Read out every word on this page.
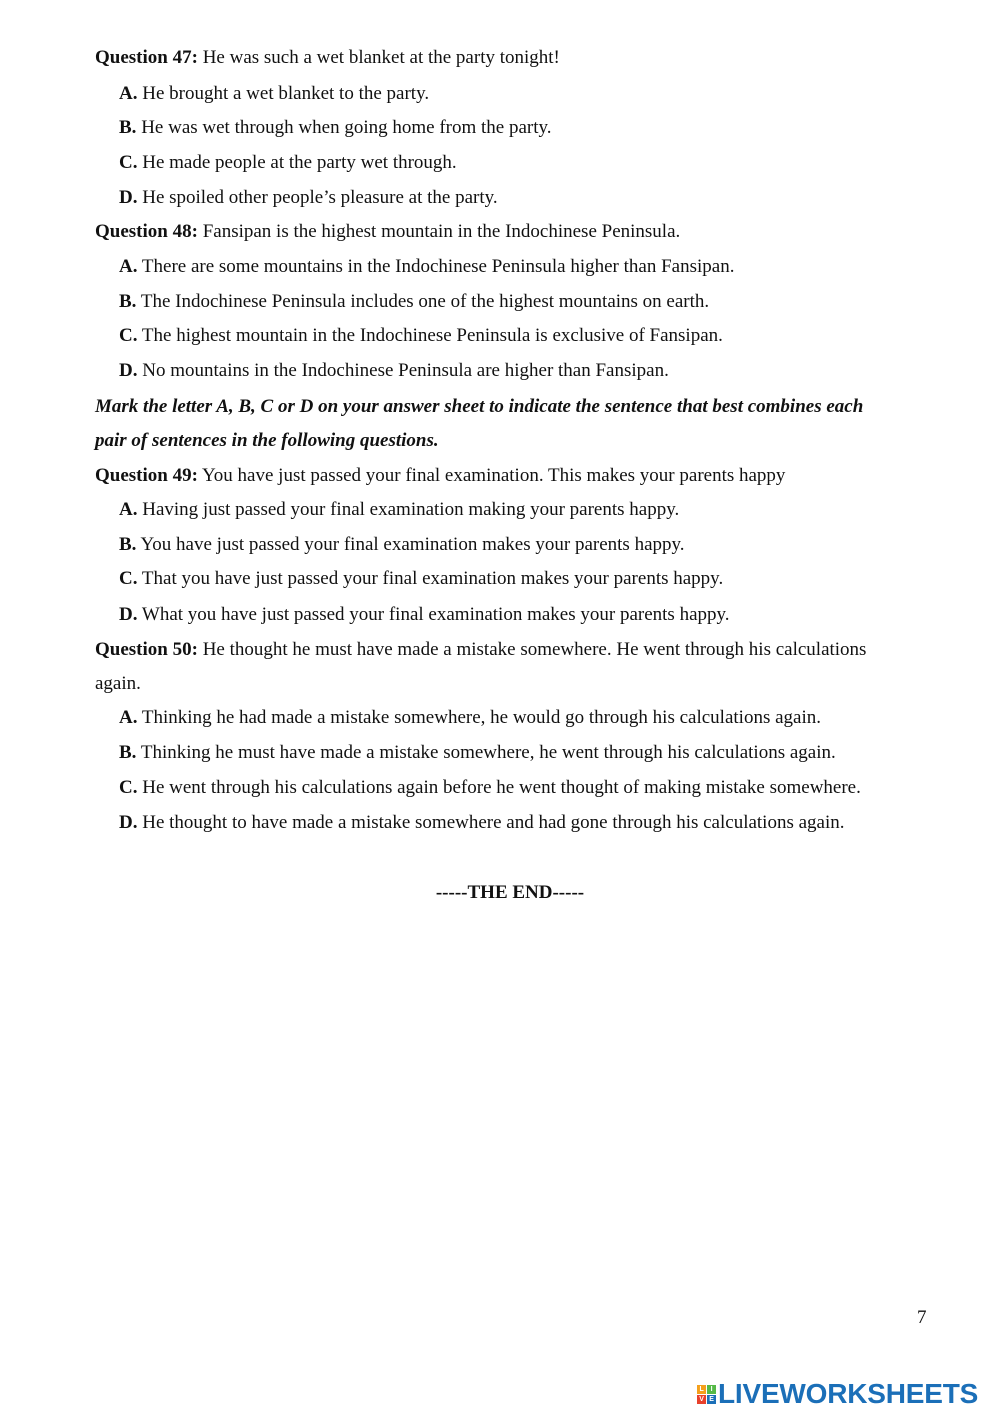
Question 47: He was such a wet blanket at the party tonight!
A. He brought a wet blanket to the party.
B. He was wet through when going home from the party.
C. He made people at the party wet through.
D. He spoiled other people’s pleasure at the party.
Question 48: Fansipan is the highest mountain in the Indochinese Peninsula.
A. There are some mountains in the Indochinese Peninsula higher than Fansipan.
B. The Indochinese Peninsula includes one of the highest mountains on earth.
C. The highest mountain in the Indochinese Peninsula is exclusive of Fansipan.
D. No mountains in the Indochinese Peninsula are higher than Fansipan.
Mark the letter A, B, C or D on your answer sheet to indicate the sentence that best combines each
pair of sentences in the following questions.
Question 49: You have just passed your final examination. This makes your parents happy
A. Having just passed your final examination making your parents happy.
B. You have just passed your final examination makes your parents happy.
C. That you have just passed your final examination makes your parents happy.
D. What you have just passed your final examination makes your parents happy.
Question 50: He thought he must have made a mistake somewhere. He went through his calculations
again.
A. Thinking he had made a mistake somewhere, he would go through his calculations again.
B. Thinking he must have made a mistake somewhere, he went through his calculations again.
C. He went through his calculations again before he went thought of making mistake somewhere.
D. He thought to have made a mistake somewhere and had gone through his calculations again.
-----THE END-----
7
L	I
V E LIVEWORKSHEETS
